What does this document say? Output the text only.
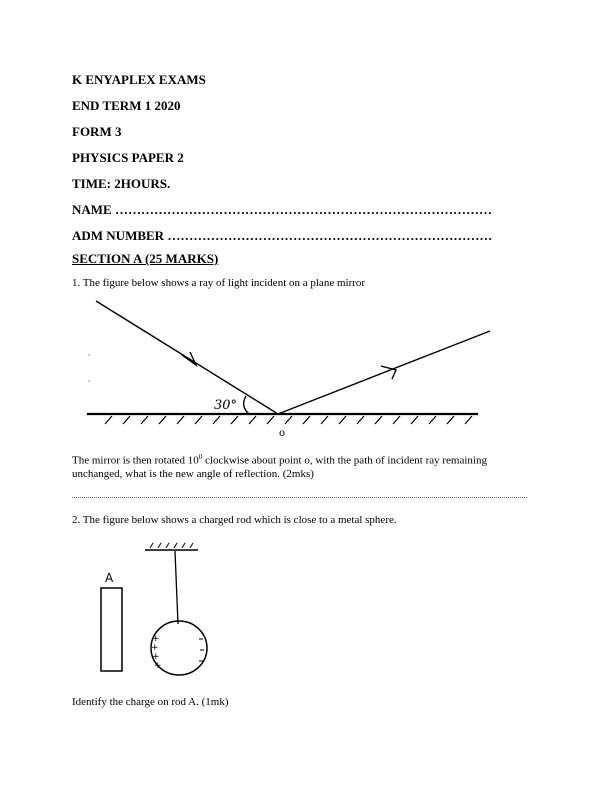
K ENYAPLEX EXAMS
END TERM 1 2020
FORM 3
PHYSICS PAPER 2
TIME: 2HOURS.
NAME ……………………………………………………………………………
ADM NUMBER …………………………………………………………………
SECTION A (25 MARKS)
1. The figure below shows a ray of light incident on a plane mirror
30°
o
The mirror is then rotated $10^0$ clockwise about point o, with the path of incident ray remaining unchanged, what is the new angle of reflection. (2mks)
2. The figure below shows a charged rod which is close to a metal sphere.
+
+
+
+
A
Identify the charge on rod A. (1mk)
